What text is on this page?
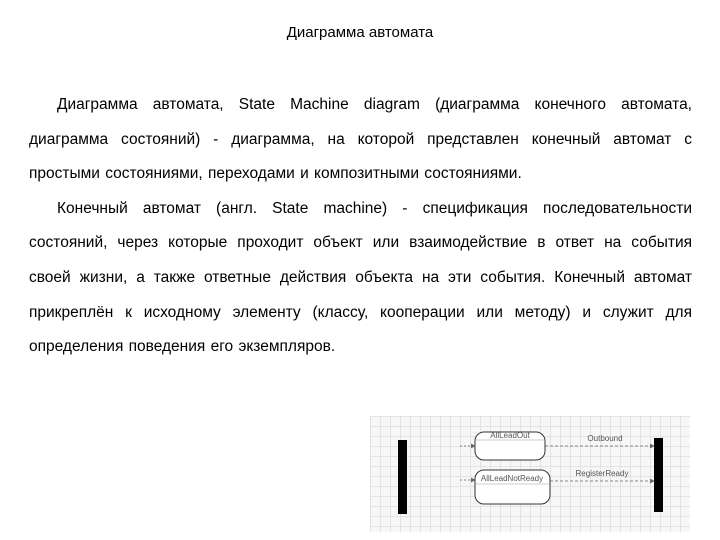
Диаграмма автомата

Диаграмма автомата, State Machine diagram (диаграмма конечного автомата, диаграмма состояний) - диаграмма, на которой представлен конечный автомат с простыми состояниями, переходами и композитными состояниями.

Конечный автомат (англ. State machine) - спецификация последовательности состояний, через которые проходит объект или взаимодействие в ответ на события своей жизни, а также ответные действия объекта на эти события. Конечный автомат прикреплён к исходному элементу (классу, кооперации или методу) и служит для определения поведения его экземпляров.

AllLeadOut
AllLeadNotReady
Outbound
RegisterReady
